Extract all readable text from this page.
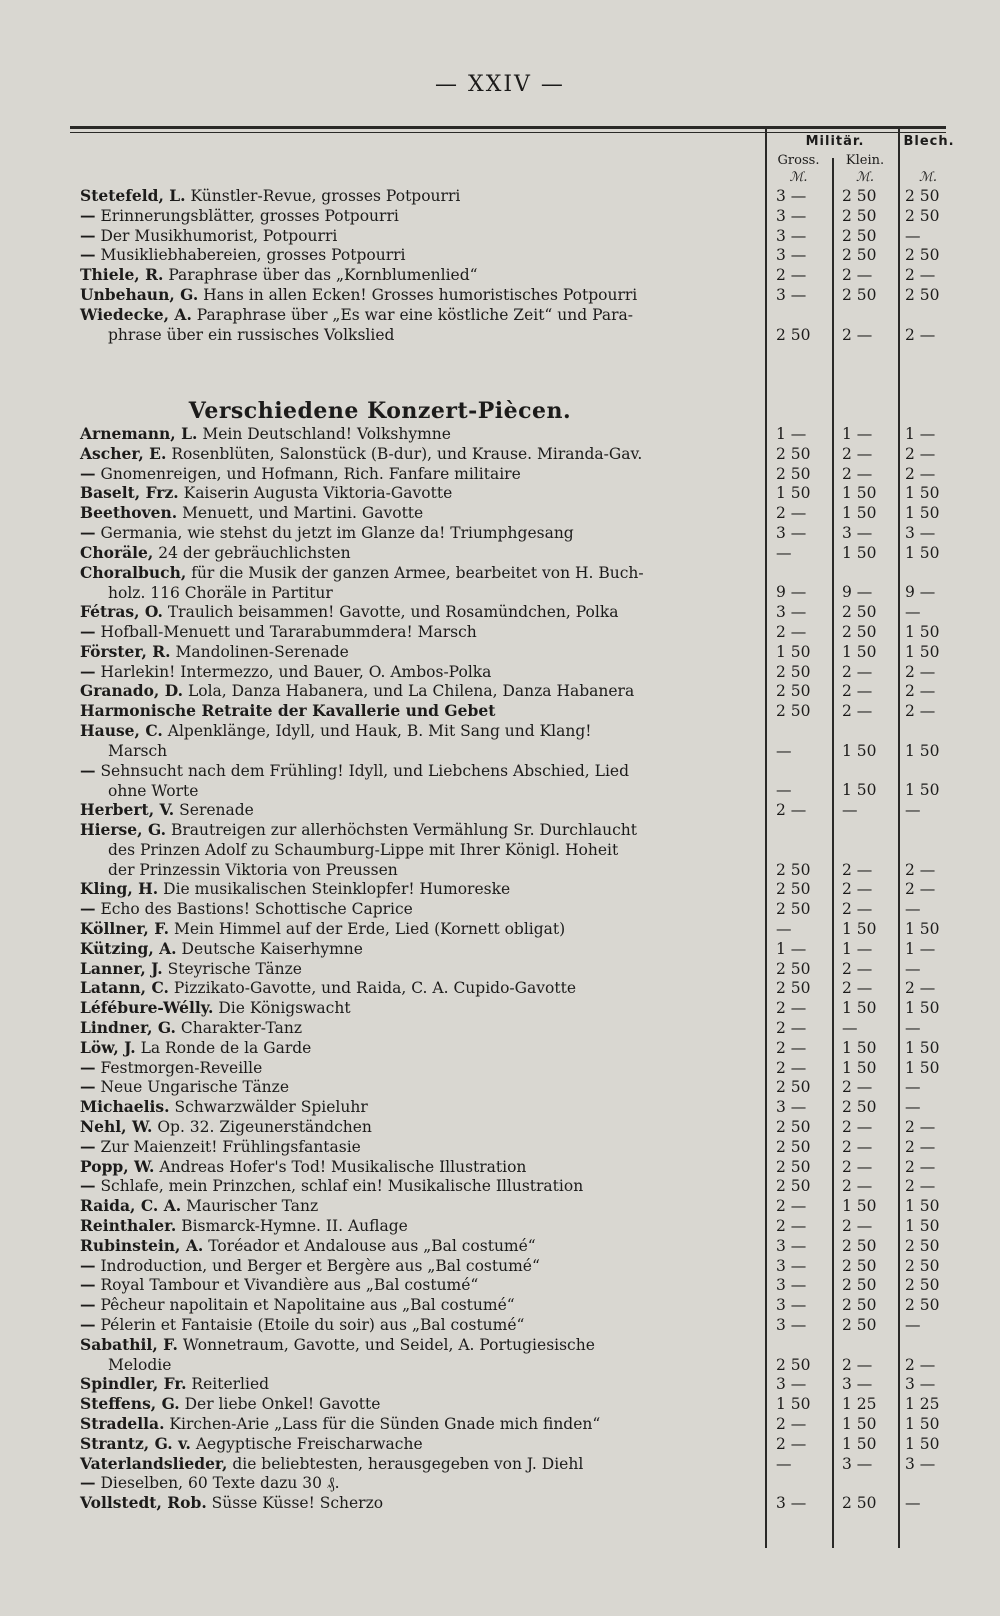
— XXIV —
Militär.	Blech.
Gross.	Klein.
ℳ.	ℳ.	ℳ.
Verschiedene Konzert-Piècen.
Stetefeld, L. Künstler-Revue, grosses Potpourri	3 —	2 50	2 50
— Erinnerungsblätter, grosses Potpourri	3 —	2 50	2 50
— Der Musikhumorist, Potpourri	3 —	2 50	—
— Musikliebhabereien, grosses Potpourri	3 —	2 50	2 50
Thiele, R. Paraphrase über das „Kornblumenlied“	2 —	2 —	2 —
Unbehaun, G. Hans in allen Ecken! Grosses humoristisches Potpourri	3 —	2 50	2 50
Wiedecke, A. Paraphrase über „Es war eine köstliche Zeit“ und Para-
phrase über ein russisches Volkslied	2 50	2 —	2 —
Arnemann, L. Mein Deutschland! Volkshymne	1 —	1 —	1 —
Ascher, E. Rosenblüten, Salonstück (B-dur), und Krause. Miranda-Gav.	2 50	2 —	2 —
— Gnomenreigen, und Hofmann, Rich. Fanfare militaire	2 50	2 —	2 —
Baselt, Frz. Kaiserin Augusta Viktoria-Gavotte	1 50	1 50	1 50
Beethoven. Menuett, und Martini. Gavotte	2 —	1 50	1 50
— Germania, wie stehst du jetzt im Glanze da! Triumphgesang	3 —	3 —	3 —
Choräle, 24 der gebräuchlichsten	—	1 50	1 50
Choralbuch, für die Musik der ganzen Armee, bearbeitet von H. Buch-
holz. 116 Choräle in Partitur	9 —	9 —	9 —
Fétras, O. Traulich beisammen! Gavotte, und Rosamündchen, Polka	3 —	2 50	—
— Hofball-Menuett und Tararabummdera! Marsch	2 —	2 50	1 50
Förster, R. Mandolinen-Serenade	1 50	1 50	1 50
— Harlekin! Intermezzo, und Bauer, O. Ambos-Polka	2 50	2 —	2 —
Granado, D. Lola, Danza Habanera, und La Chilena, Danza Habanera	2 50	2 —	2 —
Harmonische Retraite der Kavallerie und Gebet	2 50	2 —	2 —
Hause, C. Alpenklänge, Idyll, und Hauk, B. Mit Sang und Klang!
Marsch	—	1 50	1 50
— Sehnsucht nach dem Frühling! Idyll, und Liebchens Abschied, Lied
ohne Worte	—	1 50	1 50
Herbert, V. Serenade	2 —	—	—
Hierse, G. Brautreigen zur allerhöchsten Vermählung Sr. Durchlaucht
des Prinzen Adolf zu Schaumburg-Lippe mit Ihrer Königl. Hoheit
der Prinzessin Viktoria von Preussen	2 50	2 —	2 —
Kling, H. Die musikalischen Steinklopfer! Humoreske	2 50	2 —	2 —
— Echo des Bastions! Schottische Caprice	2 50	2 —	—
Köllner, F. Mein Himmel auf der Erde, Lied (Kornett obligat)	—	1 50	1 50
Kützing, A. Deutsche Kaiserhymne	1 —	1 —	1 —
Lanner, J. Steyrische Tänze	2 50	2 —	—
Latann, C. Pizzikato-Gavotte, und Raida, C. A. Cupido-Gavotte	2 50	2 —	2 —
Léfébure-Wélly. Die Königswacht	2 —	1 50	1 50
Lindner, G. Charakter-Tanz	2 —	—	—
Löw, J. La Ronde de la Garde	2 —	1 50	1 50
— Festmorgen-Reveille	2 —	1 50	1 50
— Neue Ungarische Tänze	2 50	2 —	—
Michaelis. Schwarzwälder Spieluhr	3 —	2 50	—
Nehl, W. Op. 32. Zigeunerständchen	2 50	2 —	2 —
— Zur Maienzeit! Frühlingsfantasie	2 50	2 —	2 —
Popp, W. Andreas Hofer's Tod! Musikalische Illustration	2 50	2 —	2 —
— Schlafe, mein Prinzchen, schlaf ein! Musikalische Illustration	2 50	2 —	2 —
Raida, C. A. Maurischer Tanz	2 —	1 50	1 50
Reinthaler. Bismarck-Hymne. II. Auflage	2 —	2 —	1 50
Rubinstein, A. Toréador et Andalouse aus „Bal costumé“	3 —	2 50	2 50
— Indroduction, und Berger et Bergère aus „Bal costumé“	3 —	2 50	2 50
— Royal Tambour et Vivandière aus „Bal costumé“	3 —	2 50	2 50
— Pêcheur napolitain et Napolitaine aus „Bal costumé“	3 —	2 50	2 50
— Pélerin et Fantaisie (Etoile du soir) aus „Bal costumé“	3 —	2 50	—
Sabathil, F. Wonnetraum, Gavotte, und Seidel, A. Portugiesische
Melodie	2 50	2 —	2 —
Spindler, Fr. Reiterlied	3 —	3 —	3 —
Steffens, G. Der liebe Onkel! Gavotte	1 50	1 25	1 25
Stradella. Kirchen-Arie „Lass für die Sünden Gnade mich finden“	2 —	1 50	1 50
Strantz, G. v. Aegyptische Freischarwache	2 —	1 50	1 50
Vaterlandslieder, die beliebtesten, herausgegeben von J. Diehl	—	3 —	3 —
— Dieselben, 60 Texte dazu 30 ₰.
Vollstedt, Rob. Süsse Küsse! Scherzo	3 —	2 50	—
